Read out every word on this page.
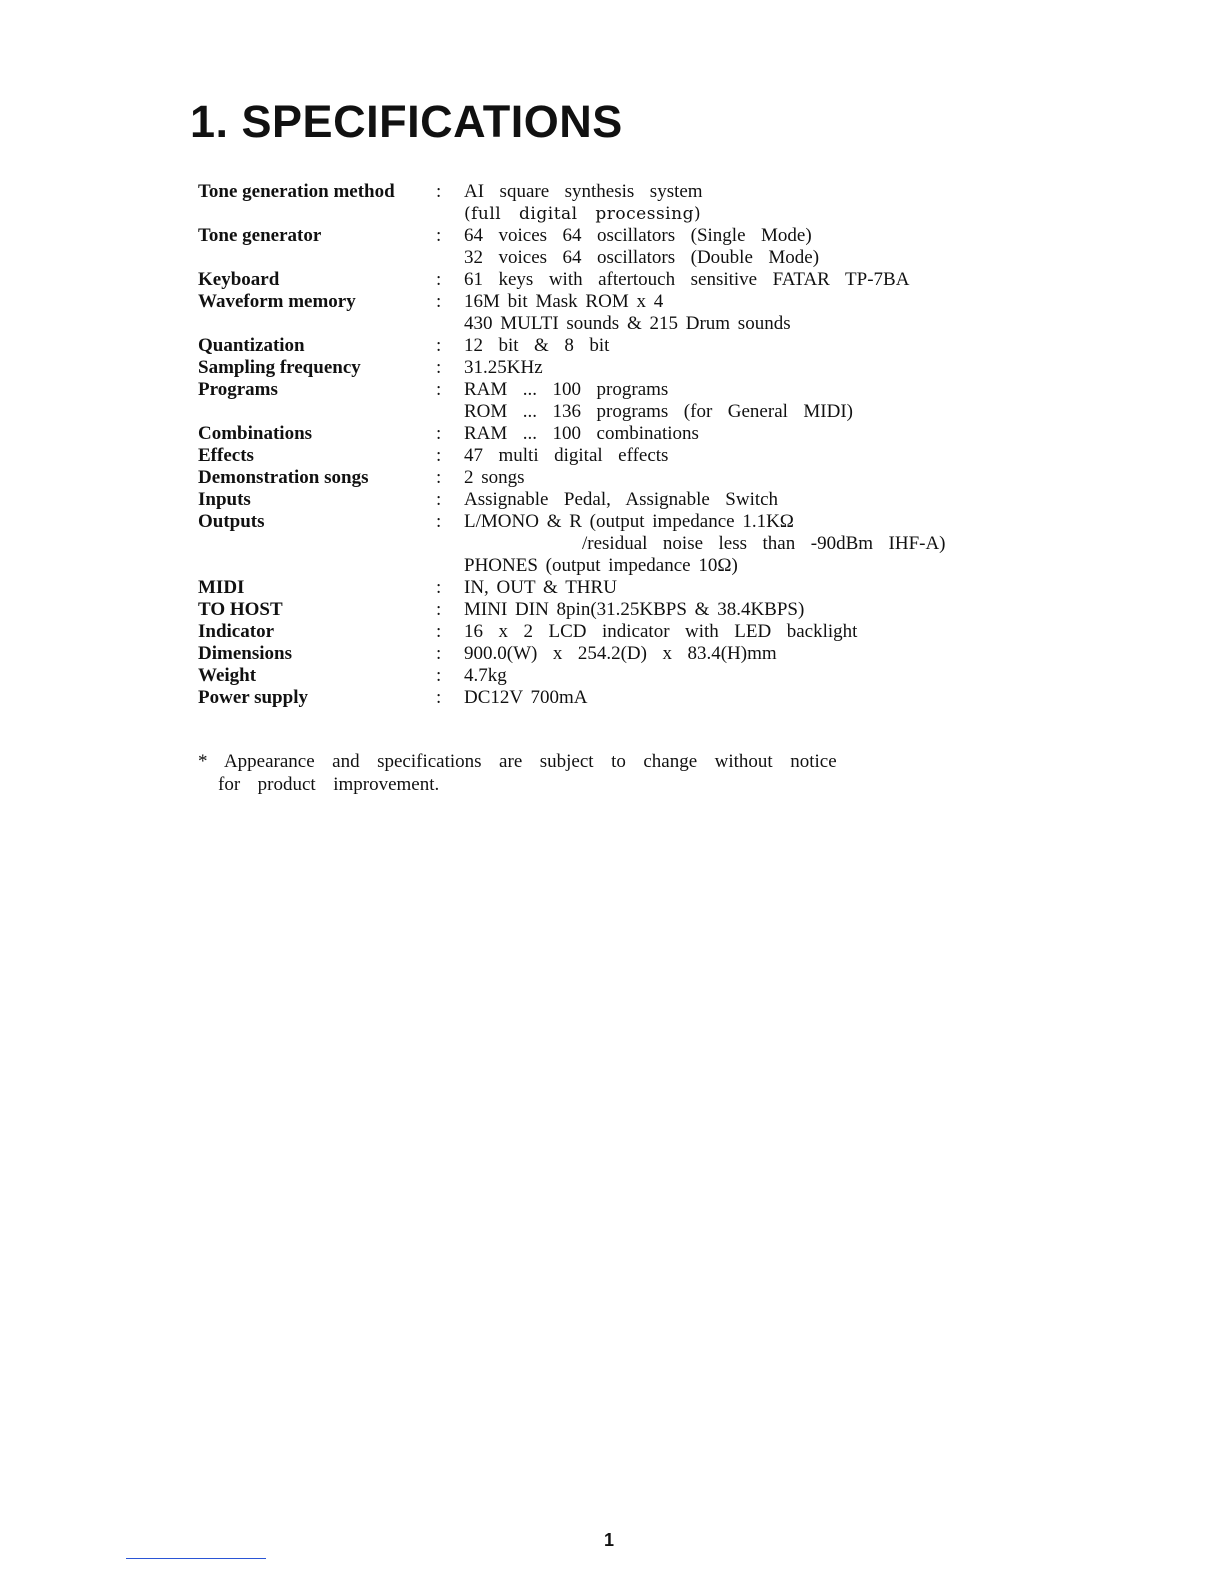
1. SPECIFICATIONS
Tone generation method	:	AI  square  synthesis  system
(full  digital  processing)
Tone generator	:	64  voices  64  oscillators  (Single  Mode)
32  voices  64  oscillators  (Double  Mode)
Keyboard	:	61  keys  with  aftertouch  sensitive  FATAR  TP-7BA
Waveform memory	:	16M bit Mask ROM x 4
430 MULTI sounds & 215 Drum sounds
Quantization	:	12  bit  &  8  bit
Sampling frequency	:	31.25KHz
Programs	:	RAM  ...  100  programs
ROM  ...  136  programs  (for  General  MIDI)
Combinations	:	RAM  ...  100  combinations
Effects	:	47  multi  digital  effects
Demonstration songs	:	2 songs
Inputs	:	Assignable  Pedal,  Assignable  Switch
Outputs	:	L/MONO & R (output impedance 1.1KΩ
/residual  noise  less  than  -90dBm  IHF-A)
PHONES (output impedance 10Ω)
MIDI	:	IN, OUT & THRU
TO HOST	:	MINI DIN 8pin(31.25KBPS & 38.4KBPS)
Indicator	:	16  x  2  LCD  indicator  with  LED  backlight
Dimensions	:	900.0(W)  x  254.2(D)  x  83.4(H)mm
Weight	:	4.7kg
Power supply	:	DC12V 700mA
*  Appearance  and  specifications  are  subject  to  change  without  notice
for  product  improvement.
1
